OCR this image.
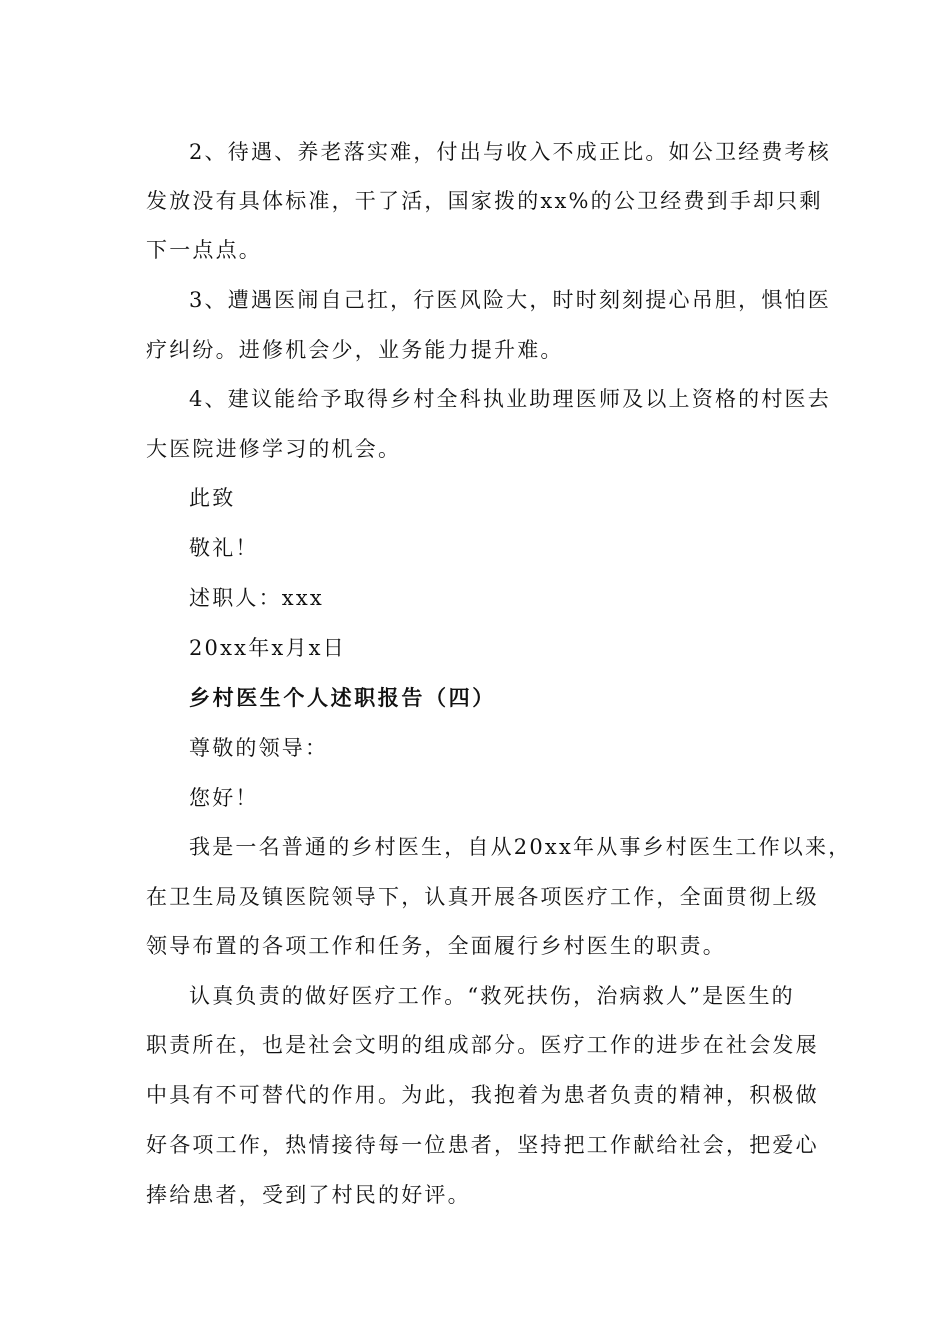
2、待遇、养老落实难，付出与收入不成正比。如公卫经费考核
发放没有具体标准，干了活，国家拨的xx%的公卫经费到手却只剩
下一点点。
3、遭遇医闹自己扛，行医风险大，时时刻刻提心吊胆，惧怕医
疗纠纷。进修机会少，业务能力提升难。
4、建议能给予取得乡村全科执业助理医师及以上资格的村医去
大医院进修学习的机会。
此致
敬礼！
述职人：xxx
20xx年x月x日
乡村医生个人述职报告（四）
尊敬的领导：
您好！
我是一名普通的乡村医生，自从20xx年从事乡村医生工作以来，
在卫生局及镇医院领导下，认真开展各项医疗工作，全面贯彻上级
领导布置的各项工作和任务，全面履行乡村医生的职责。
认真负责的做好医疗工作。“救死扶伤，治病救人”是医生的
职责所在，也是社会文明的组成部分。医疗工作的进步在社会发展
中具有不可替代的作用。为此，我抱着为患者负责的精神，积极做
好各项工作，热情接待每一位患者，坚持把工作献给社会，把爱心
捧给患者，受到了村民的好评。
